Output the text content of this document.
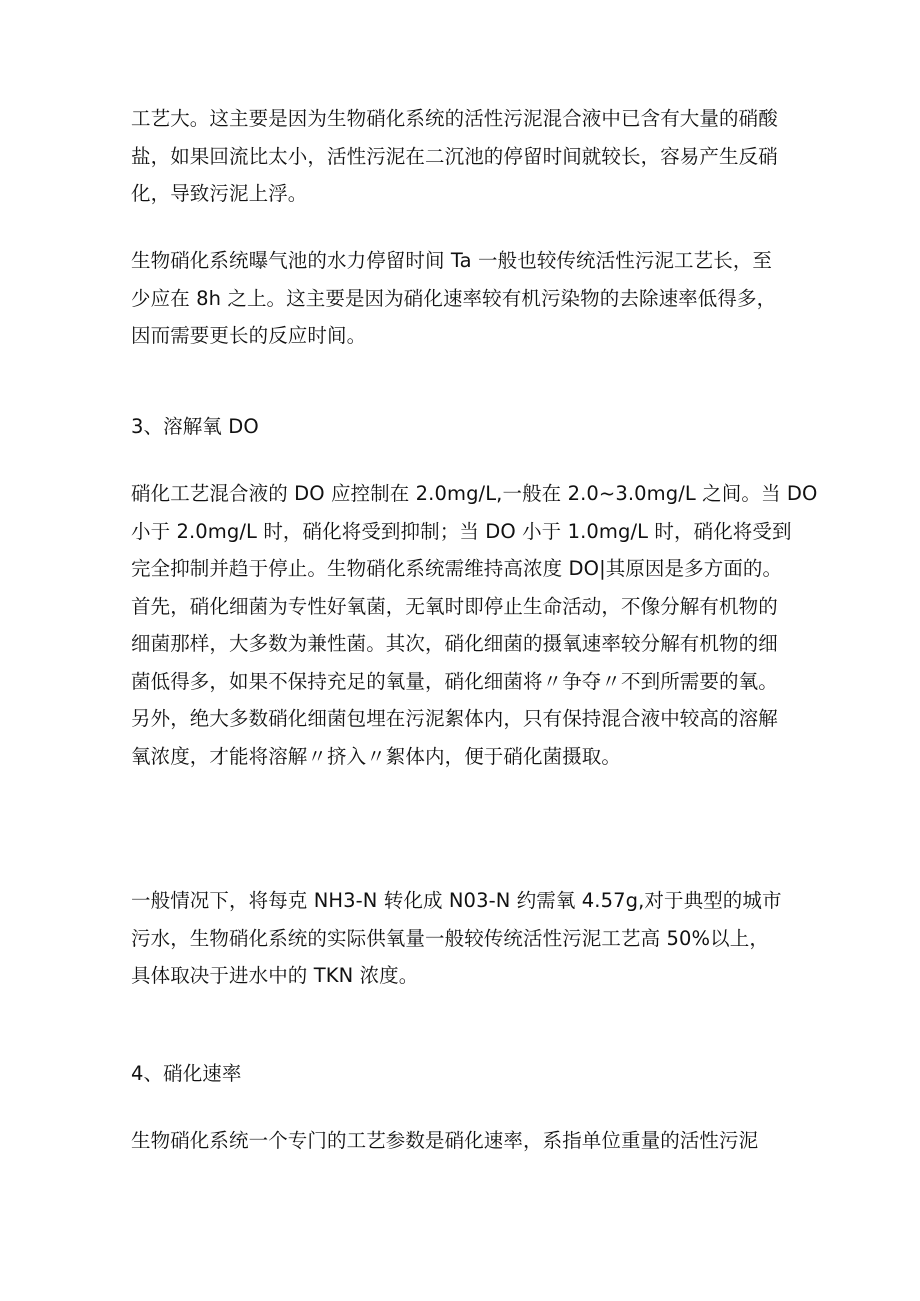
工艺大。这主要是因为生物硝化系统的活性污泥混合液中已含有大量的硝酸
盐，如果回流比太小，活性污泥在二沉池的停留时间就较长，容易产生反硝
化，导致污泥上浮。
生物硝化系统曝气池的水力停留时间 Ta 一般也较传统活性污泥工艺长，至
少应在 8h 之上。这主要是因为硝化速率较有机污染物的去除速率低得多，
因而需要更长的反应时间。
3、溶解氧 DO
硝化工艺混合液的 DO 应控制在 2.0mg/L,一般在 2.0~3.0mg/L 之间。当 DO
小于 2.0mg/L 时，硝化将受到抑制；当 DO 小于 1.0mg/L 时，硝化将受到
完全抑制并趋于停止。生物硝化系统需维持高浓度 DO|其原因是多方面的。
首先，硝化细菌为专性好氧菌，无氧时即停止生命活动，不像分解有机物的
细菌那样，大多数为兼性菌。其次，硝化细菌的摄氧速率较分解有机物的细
菌低得多，如果不保持充足的氧量，硝化细菌将〃争夺〃不到所需要的氧。
另外，绝大多数硝化细菌包埋在污泥絮体内，只有保持混合液中较高的溶解
氧浓度，才能将溶解〃挤入〃絮体内，便于硝化菌摄取。
一般情况下，将每克 NH3-N 转化成 N03-N 约需氧 4.57g,对于典型的城市
污水，生物硝化系统的实际供氧量一般较传统活性污泥工艺高 50%以上，
具体取决于进水中的 TKN 浓度。
4、硝化速率
生物硝化系统一个专门的工艺参数是硝化速率，系指单位重量的活性污泥
